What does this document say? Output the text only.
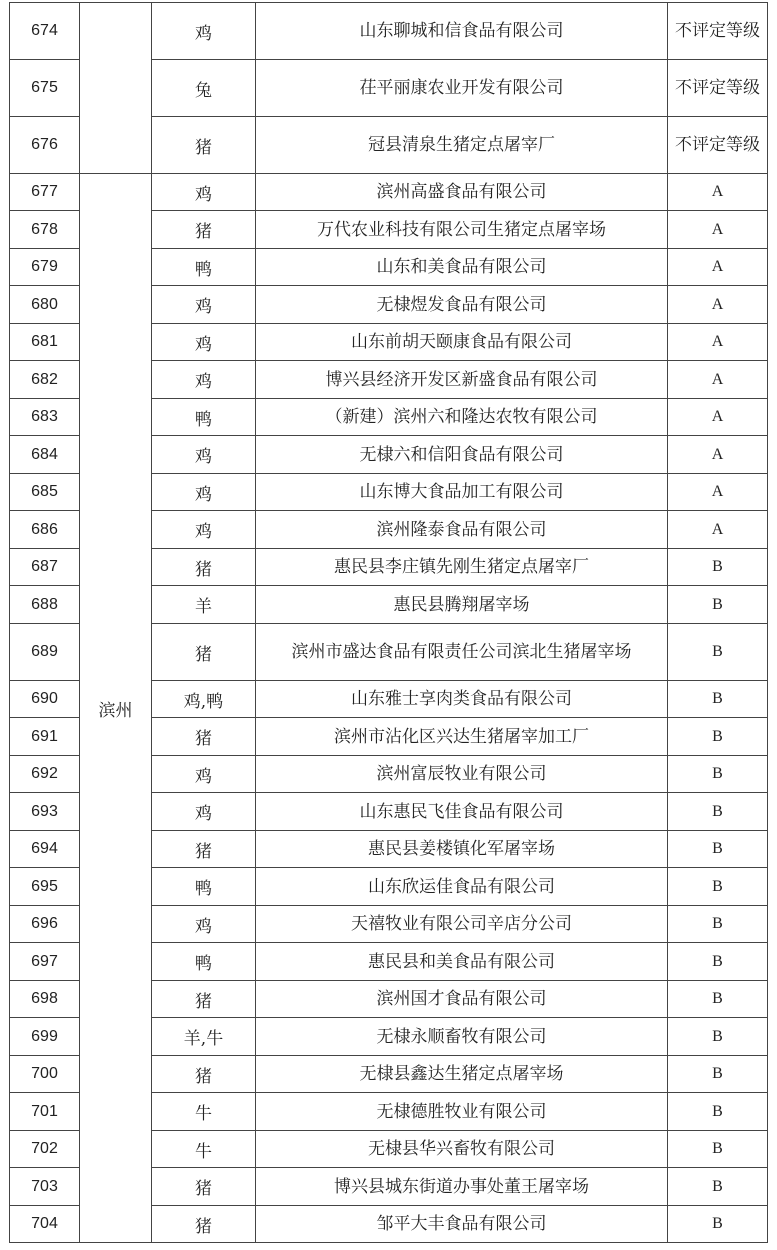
674		鸡	山东聊城和信食品有限公司	不评定等级
675		兔	茌平丽康农业开发有限公司	不评定等级
676		猪	冠县清泉生猪定点屠宰厂	不评定等级
677	滨州	鸡	滨州高盛食品有限公司	A
678		猪	万代农业科技有限公司生猪定点屠宰场	A
679		鸭	山东和美食品有限公司	A
680		鸡	无棣煜发食品有限公司	A
681		鸡	山东前胡天颐康食品有限公司	A
682		鸡	博兴县经济开发区新盛食品有限公司	A
683		鸭	（新建）滨州六和隆达农牧有限公司	A
684		鸡	无棣六和信阳食品有限公司	A
685		鸡	山东博大食品加工有限公司	A
686		鸡	滨州隆泰食品有限公司	A
687		猪	惠民县李庄镇先刚生猪定点屠宰厂	B
688		羊	惠民县腾翔屠宰场	B
689		猪	滨州市盛达食品有限责任公司滨北生猪屠宰场	B
690		鸡,鸭	山东雅士享肉类食品有限公司	B
691		猪	滨州市沾化区兴达生猪屠宰加工厂	B
692		鸡	滨州富辰牧业有限公司	B
693		鸡	山东惠民飞佳食品有限公司	B
694		猪	惠民县姜楼镇化军屠宰场	B
695		鸭	山东欣运佳食品有限公司	B
696		鸡	天禧牧业有限公司辛店分公司	B
697		鸭	惠民县和美食品有限公司	B
698		猪	滨州国才食品有限公司	B
699		羊,牛	无棣永顺畜牧有限公司	B
700		猪	无棣县鑫达生猪定点屠宰场	B
701		牛	无棣德胜牧业有限公司	B
702		牛	无棣县华兴畜牧有限公司	B
703		猪	博兴县城东街道办事处董王屠宰场	B
704		猪	邹平大丰食品有限公司	B
